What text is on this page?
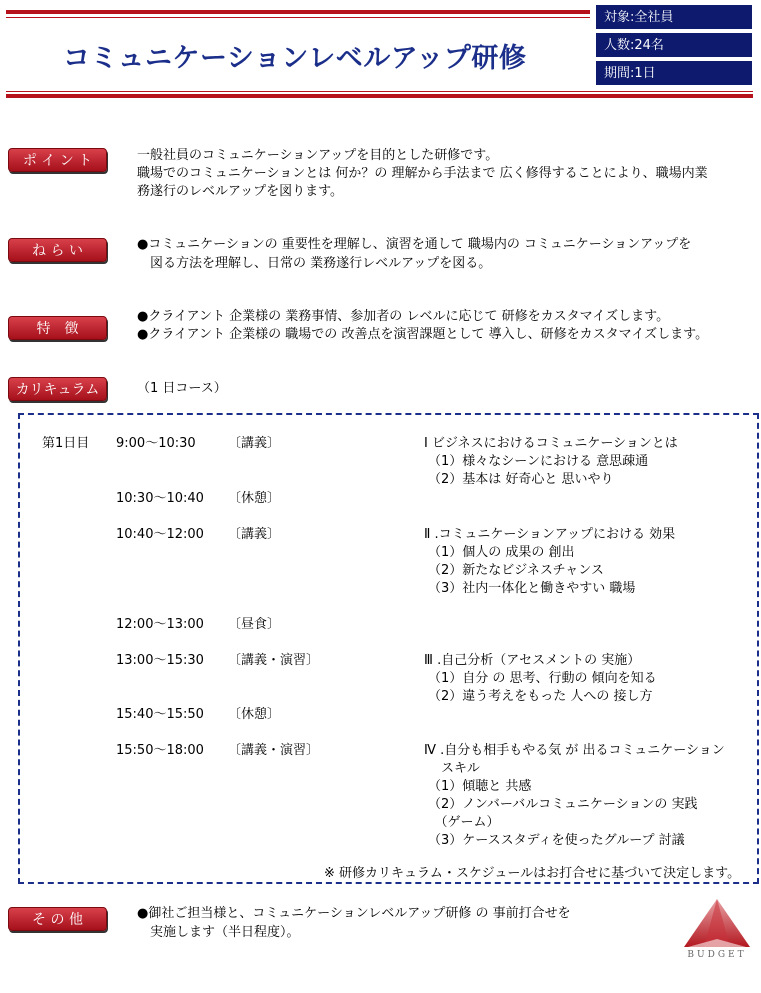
コミュニケーションレベルアップ研修
対象:全社員
人数:24名
期間:1日
ポ イ ン ト	一般社員のコミュニケーションアップを目的とした研修です。
職場でのコミュニケーションとは 何か？の 理解から手法まで 広く修得することにより、職場内業
務遂行のレベルアップを図ります。
ね ら い	●コミュニケーションの 重要性を理解し、演習を通して 職場内の コミュニケーションアップを
　図る方法を理解し、日常の 業務遂行レベルアップを図る。
特　徴
●クライアント 企業様の 業務事情、参加者の レベルに応じて 研修をカスタマイズします。
●クライアント 企業様の 職場での 改善点を演習課題として 導入し、研修をカスタマイズします。
カリキュラム	（1 日コース）
第1日目 9:00～10:30 〔講義〕	Ⅰ ビジネスにおけるコミュニケーションとは
（1）様々なシーンにおける 意思疎通
（2）基本は 好奇心と 思いやり
10:30～10:40 〔休憩〕
10:40～12:00 〔講義〕	Ⅱ .コミュニケーションアップにおける 効果
（1）個人の 成果の 創出
（2）新たなビジネスチャンス
（3）社内一体化と働きやすい 職場
12:00～13:00 〔昼食〕
13:00～15:30 〔講義・演習〕	Ⅲ .自己分析（アセスメントの 実施）
（1）自分 の 思考、行動の 傾向を知る
（2）違う考えをもった 人への 接し方
15:40～15:50 〔休憩〕
15:50～18:00 〔講義・演習〕	Ⅳ .自分も相手もやる気 が 出るコミュニケーション
　スキル
（1）傾聴と 共感
（2）ノンバーバルコミュニケーションの 実践
　（ゲーム）
（3）ケーススタディを使ったグループ 討議
※ 研修カリキュラム・スケジュールはお打合せに基づいて決定します。
そ の 他	●御社ご担当様と、コミュニケーションレベルアップ研修 の 事前打合せを
　実施します（半日程度）。
BUDGET
